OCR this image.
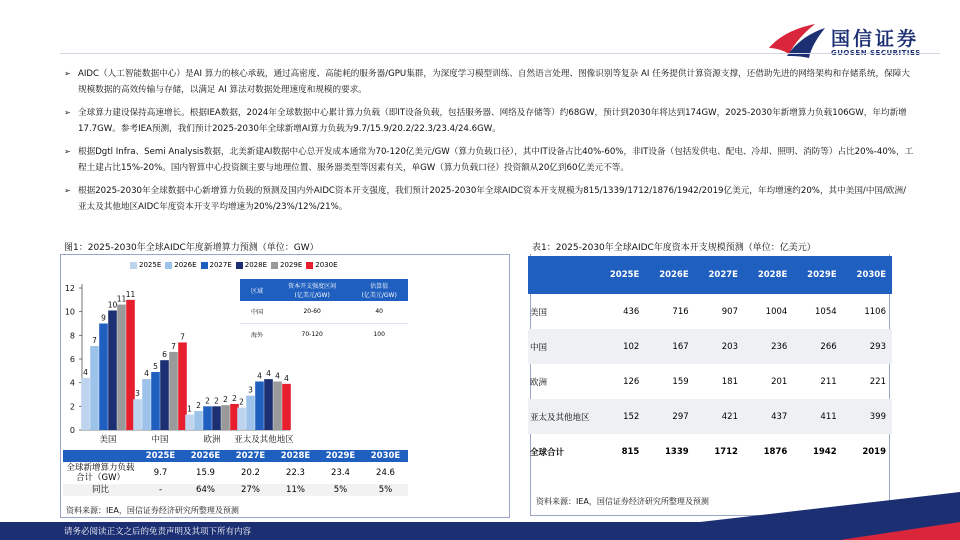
国信证券
GUOSEN SECURITIES
➢ AIDC（人工智能数据中心）是AI 算力的核心承载，通过高密度、高能耗的服务器/GPU集群，为深度学习模型训练、自然语言处理、图像识别等复杂 AI 任务提供计算资源支撑，还借助先进的网络架构和存储系统，保障大规模数据的高效传输与存储，以满足 AI 算法对数据处理速度和规模的要求。
➢ 全球算力建设保持高速增长。根据IEA数据，2024年全球数据中心累计算力负载（即IT设备负载，包括服务器、网络及存储等）约68GW，预计到2030年将达到174GW，2025-2030年新增算力负载106GW，年均新增17.7GW。参考IEA预测，我们预计2025-2030年全球新增AI算力负载为9.7/15.9/20.2/22.3/23.4/24.6GW。
➢ 根据Dgtl Infra、Semi Analysis数据，北美新建AI数据中心总开发成本通常为70-120亿美元/GW（算力负载口径），其中IT设备占比40%-60%，非IT设备（包括发供电、配电、冷却、照明、消防等）占比20%-40%，工程土建占比15%-20%。国内智算中心投资额主要与地理位置、服务器类型等因素有关，单GW（算力负载口径）投资额从20亿到60亿美元不等。
➢ 根据2025-2030年全球数据中心新增算力负载的预测及国内外AIDC资本开支强度，我们预计2025-2030年全球AIDC资本开支规模为815/1339/1712/1876/1942/2019亿美元，年均增速约20%，其中美国/中国/欧洲/亚太及其他地区AIDC年度资本开支平均增速为20%/23%/12%/21%。
图1：2025-2030年全球AIDC年度新增算力预测（单位：GW）
2025E 2026E 2027E 2028E 2029E 2030E
0
2
4
6
8
10
12
4
7
9
10
11
11
美国
3
4
5
6
7
7
中国
1 2
2 2 2 2
欧洲
2
3
4 4 4 4
亚太及其他地区
区域	资本开支强度区间
(亿美元/GW)	估算值
(亿美元/GW)
中国	20-60	40
海外	70-120	100
	2025E	2026E	2027E	2028E	2029E	2030E
全球新增算力负载合计（GW）	9.7	15.9	20.2	22.3	23.4	24.6
同比	-	64%	27%	11%	5%	5%
资料来源：IEA，国信证券经济研究所整理及预测
表1：2025-2030年全球AIDC年度资本开支规模预测（单位：亿美元）
	2025E	2026E	2027E	2028E	2029E	2030E
美国	436	716	907	1004	1054	1106
中国	102	167	203	236	266	293
欧洲	126	159	181	201	211	221
亚太及其他地区	152	297	421	437	411	399
全球合计	815	1339	1712	1876	1942	2019
资料来源：IEA，国信证券经济研究所整理及预测
请务必阅读正文之后的免责声明及其项下所有内容
